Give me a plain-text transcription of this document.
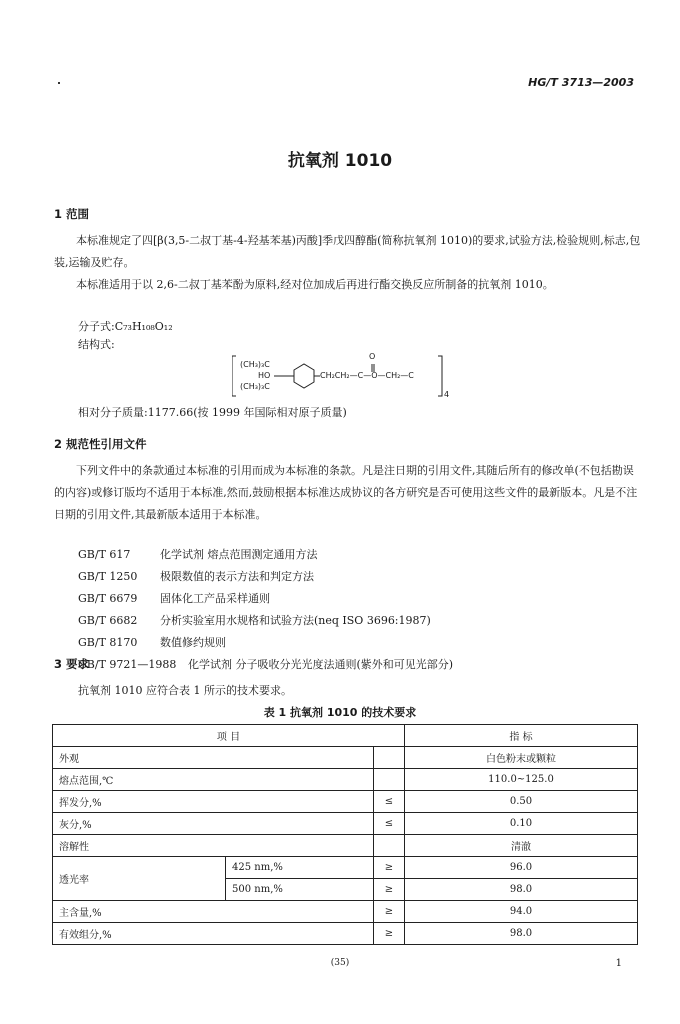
HG/T 3713—2003
抗氧剂 1010
1 范围
本标准规定了四[β(3,5-二叔丁基-4-羟基苯基)丙酸]季戊四醇酯(简称抗氧剂 1010)的要求,试验方法,检验规则,标志,包装,运输及贮存。
本标准适用于以 2,6-二叔丁基苯酚为原料,经对位加成后再进行酯交换反应所制备的抗氧剂 1010。
分子式:C₇₃H₁₀₈O₁₂
结构式:
(CH₃)₃C
HO
(CH₃)₃C
CH₂CH₂—C—O—CH₂—C
O
4
相对分子质量:1177.66(按 1999 年国际相对原子质量)
2 规范性引用文件
下列文件中的条款通过本标准的引用而成为本标准的条款。凡是注日期的引用文件,其随后所有的修改单(不包括勘误的内容)或修订版均不适用于本标准,然而,鼓励根据本标准达成协议的各方研究是否可使用这些文件的最新版本。凡是不注日期的引用文件,其最新版本适用于本标准。
GB/T 617	化学试剂 熔点范围测定通用方法
GB/T 1250 极限数值的表示方法和判定方法
GB/T 6679 固体化工产品采样通则
GB/T 6682 分析实验室用水规格和试验方法(neq ISO 3696:1987)
GB/T 8170 数值修约规则
GB/T 9721—1988 化学试剂 分子吸收分光光度法通则(紫外和可见光部分)
3 要求
表 1 抗氧剂 1010 的技术要求
项 目			指 标
外观			白色粉末或颗粒
熔点范围,℃			110.0~125.0
挥发分,%		≤	0.50
灰分,%		≤	0.10
溶解性			清澈
透光率	425 nm,%	≥	96.0
	500 nm,%	≥	98.0
主含量,%		≥	94.0
有效组分,%		≥	98.0
(35)	1
抗氧剂 1010 应符合表 1 所示的技术要求。
